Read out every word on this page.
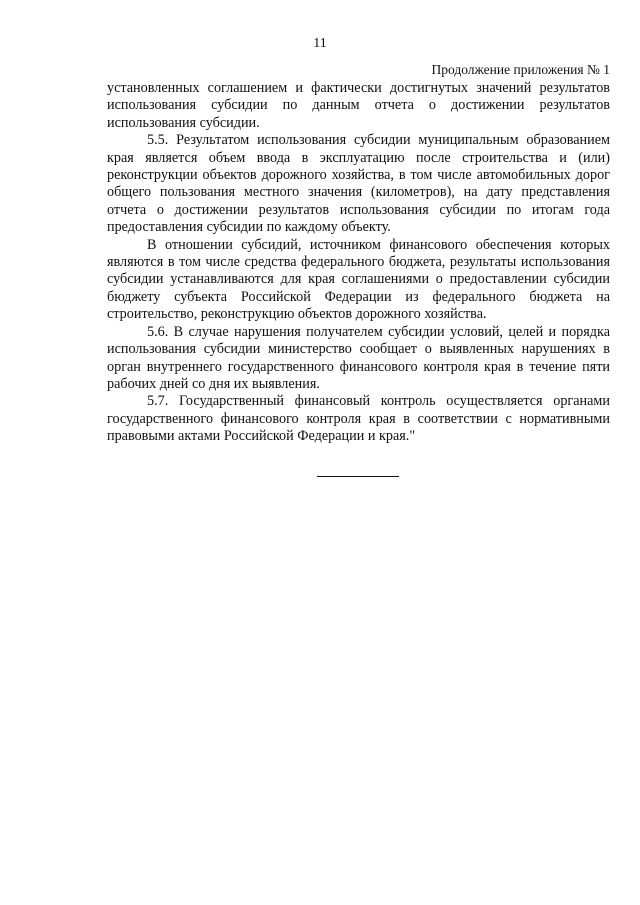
11
Продолжение приложения № 1

установленных соглашением и фактически достигнутых значений результатов использования субсидии по данным отчета о достижении результатов использования субсидии.

5.5. Результатом использования субсидии муниципальным образованием края является объем ввода в эксплуатацию после строительства и (или) реконструкции объектов дорожного хозяйства, в том числе автомобильных дорог общего пользования местного значения (километров), на дату представления отчета о достижении результатов использования субсидии по итогам года предоставления субсидии по каждому объекту.

В отношении субсидий, источником финансового обеспечения которых являются в том числе средства федерального бюджета, результаты использования субсидии устанавливаются для края соглашениями о предоставлении субсидии бюджету субъекта Российской Федерации из федерального бюджета на строительство, реконструкцию объектов дорожного хозяйства.

5.6. В случае нарушения получателем субсидии условий, целей и порядка использования субсидии министерство сообщает о выявленных нарушениях в орган внутреннего государственного финансового контроля края в течение пяти рабочих дней со дня их выявления.

5.7. Государственный финансовый контроль осуществляется органами государственного финансового контроля края в соответствии с нормативными правовыми актами Российской Федерации и края."
